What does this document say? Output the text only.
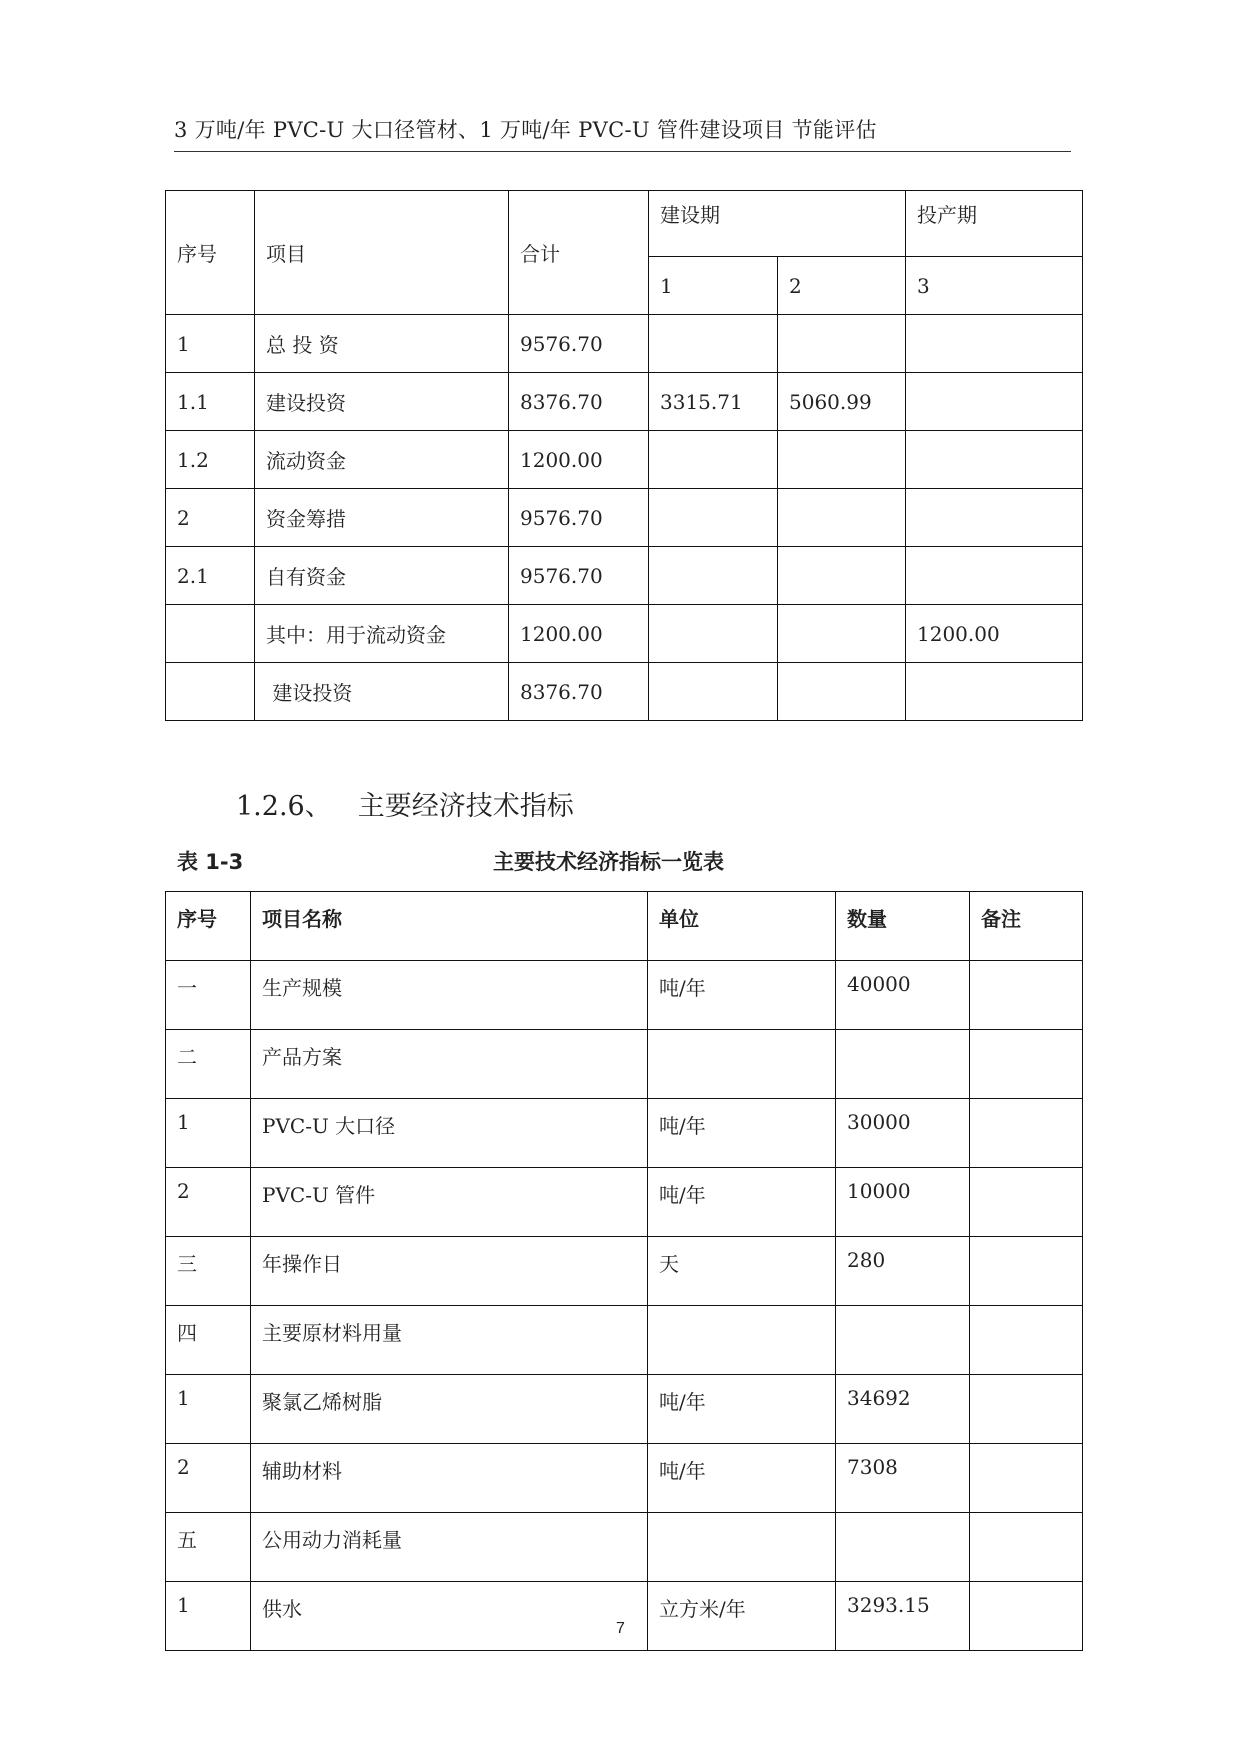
3 万吨/年 PVC-U 大口径管材、1 万吨/年 PVC-U 管件建设项目 节能评估
序号	项目	合计	建设期		投产期
			1	2	3
1	总 投 资	9576.70			
1.1	建设投资	8376.70	3315.71	5060.99	
1.2	流动资金	1200.00			
2	资金筹措	9576.70			
2.1	自有资金	9576.70			
	其中：用于流动资金	1200.00			1200.00
	建设投资	8376.70			
1.2.6、 主要经济技术指标
表 1-3	主要技术经济指标一览表
序号	项目名称	单位	数量	备注
一	生产规模	吨/年	40000	
二	产品方案			
1	PVC-U 大口径	吨/年	30000	
2	PVC-U 管件	吨/年	10000	
三	年操作日	天	280	
四	主要原材料用量			
1	聚氯乙烯树脂	吨/年	34692	
2	辅助材料	吨/年	7308	
五	公用动力消耗量			
1	供水	立方米/年	3293.15	
7
